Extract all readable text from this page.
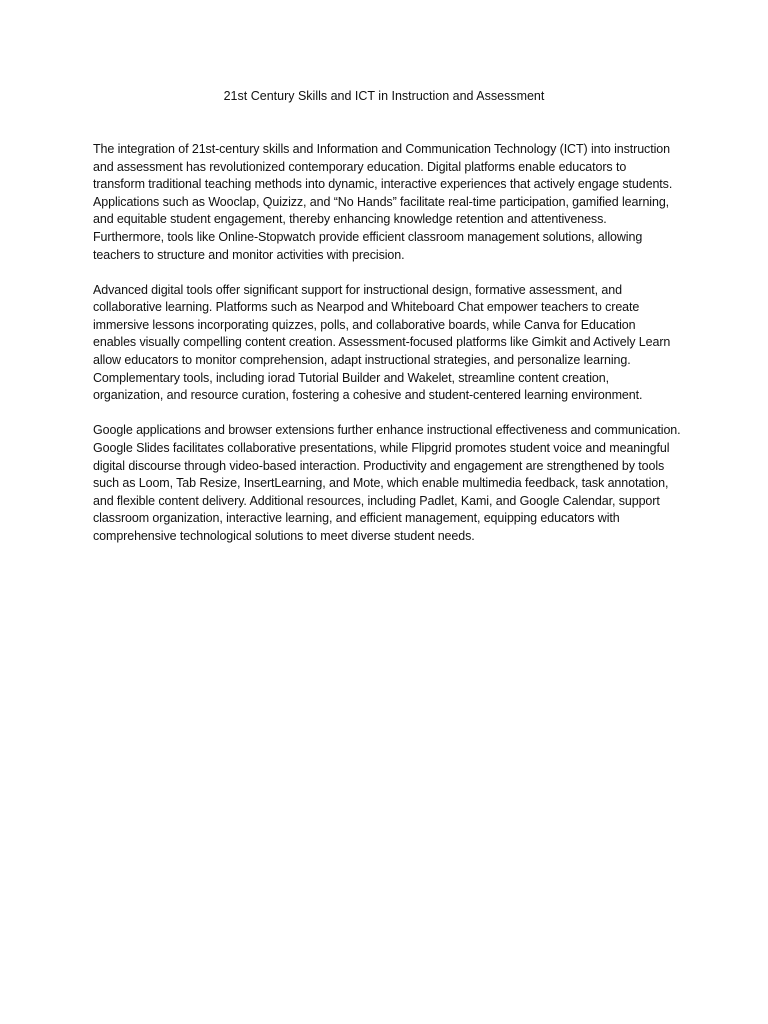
21st Century Skills and ICT in Instruction and Assessment

The integration of 21st-century skills and Information and Communication Technology (ICT) into instruction and assessment has revolutionized contemporary education. Digital platforms enable educators to transform traditional teaching methods into dynamic, interactive experiences that actively engage students. Applications such as Wooclap, Quizizz, and “No Hands” facilitate real-time participation, gamified learning, and equitable student engagement, thereby enhancing knowledge retention and attentiveness. Furthermore, tools like Online-Stopwatch provide efficient classroom management solutions, allowing teachers to structure and monitor activities with precision.

Advanced digital tools offer significant support for instructional design, formative assessment, and collaborative learning. Platforms such as Nearpod and Whiteboard Chat empower teachers to create immersive lessons incorporating quizzes, polls, and collaborative boards, while Canva for Education enables visually compelling content creation. Assessment-focused platforms like Gimkit and Actively Learn allow educators to monitor comprehension, adapt instructional strategies, and personalize learning. Complementary tools, including iorad Tutorial Builder and Wakelet, streamline content creation, organization, and resource curation, fostering a cohesive and student-centered learning environment.

Google applications and browser extensions further enhance instructional effectiveness and communication. Google Slides facilitates collaborative presentations, while Flipgrid promotes student voice and meaningful digital discourse through video-based interaction. Productivity and engagement are strengthened by tools such as Loom, Tab Resize, InsertLearning, and Mote, which enable multimedia feedback, task annotation, and flexible content delivery. Additional resources, including Padlet, Kami, and Google Calendar, support classroom organization, interactive learning, and efficient management, equipping educators with comprehensive technological solutions to meet diverse student needs.
